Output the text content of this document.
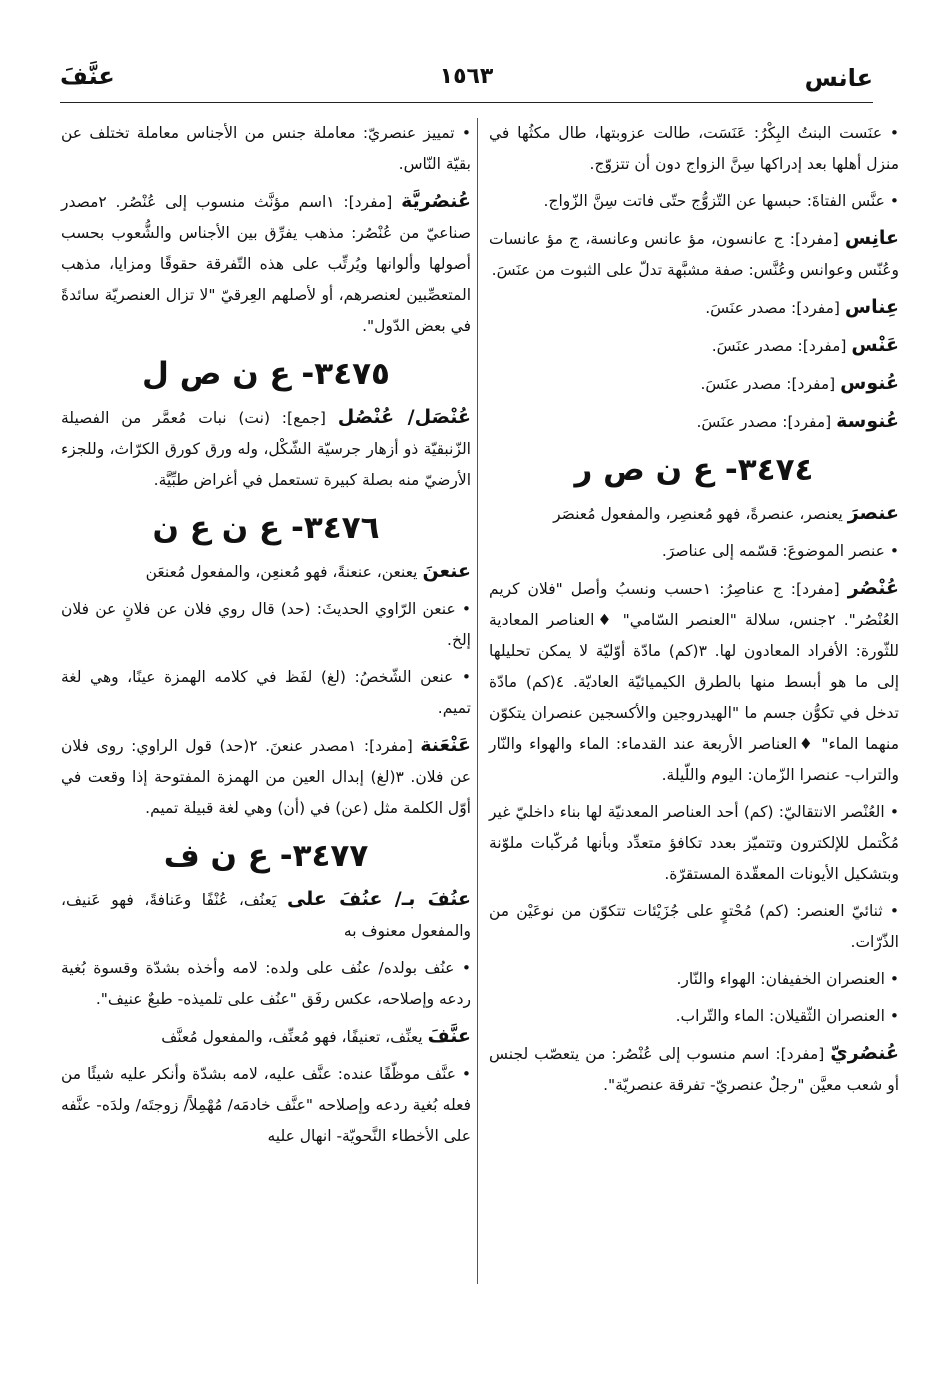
عانس
١٥٦٣
عنَّفَ

• عنَست البنتُ البِكْرُ: عَنَسَت، طالت عزوبتها، طال مكثُها في منزل أهلها بعد إدراكها سِنَّ الزواج دون أن تتزوّج.

• عنَّس الفتاةَ: حبسها عن التّزوُّج حتّى فاتت سِنَّ الزّواج.

عانِس [مفرد]: ج عانسون، مؤ عانس وعانسة، ج مؤ عانسات وعُنّس وعوانس وعُنَّس: صفة مشبَّهة تدلّ على الثبوت من عنَسَ.

عِناس [مفرد]: مصدر عنَسَ.

عَنْس [مفرد]: مصدر عنَسَ.

عُنوس [مفرد]: مصدر عنَسَ.

عُنوسة [مفرد]: مصدر عنَسَ.

٣٤٧٤- ع ن ص ر

عنصرَ يعنصر، عنصرةً، فهو مُعنصِر، والمفعول مُعنصَر

• عنصر الموضوعَ: قسّمه إلى عناصرَ.

عُنْصُر [مفرد]: ج عناصِرُ: ١حسب ونسبُ وأصل "فلان كريم العُنْصُر". ٢جنس، سلالة "العنصر السّامي" ♦العناصر المعادية للثّورة: الأفراد المعادون لها. ٣(كم) مادّة أوّليّة لا يمكن تحليلها إلى ما هو أبسط منها بالطرق الكيميائيّة العاديّة. ٤(كم) مادّة تدخل في تكوُّن جسم ما "الهيدروجين والأكسجين عنصران يتكوّن منهما الماء" ♦العناصر الأربعة عند القدماء: الماء والهواء والنّار والتراب- عنصرا الزّمان: اليوم واللّيلة.

• العُنْصر الانتقاليّ: (كم) أحد العناصر المعدنيّة لها بناء داخليّ غير مُكْتمل للإلكترون وتتميّز بعدد تكافؤ متعدِّد وبأنها مُركّبات ملوّنة وبتشكيل الأيونات المعقّدة المستقرّة.

• ثنائيّ العنصر: (كم) مُحْتوٍ على جُزَيْئات تتكوّن من نوعَيْن من الذّرّات.

• العنصران الخفيفان: الهواء والنّار.

• العنصران الثّقيلان: الماء والتّراب.

عُنصُريّ [مفرد]: اسم منسوب إلى عُنْصُر: من يتعصّب لجنس أو شعب معيَّن "رجلٌ عنصريّ- تفرقة عنصريّة".

• تمييز عنصريّ: معاملة جنس من الأجناس معاملة تختلف عن بقيّة النّاس.

عُنصُريَّة [مفرد]: ١اسم مؤنَّث منسوب إلى عُنْصُر. ٢مصدر صناعيّ من عُنْصُر: مذهب يفرِّق بين الأجناس والشُّعوب بحسب أصولها وألوانها ويُرتِّب على هذه التّفرقة حقوقًا ومزايا، مذهب المتعصِّبين لعنصرهم، أو لأصلهم العِرقيّ "لا تزال العنصريّة سائدةً في بعض الدّول".

٣٤٧٥- ع ن ص ل

عُنْصَل/ عُنْصُل [جمع]: (نت) نبات مُعمَّر من الفصيلة الزّنبقيّة ذو أزهار جرسيّة الشّكْل، وله ورق كورق الكرّاث، وللجزء الأرضيّ منه بصلة كبيرة تستعمل في أغراض طبِّيَّة.

٣٤٧٦- ع ن ع ن

عنعنَ يعنعن، عنعنةً، فهو مُعنعِن، والمفعول مُعنعَن

• عنعن الرّاوي الحديثَ: (حد) قال روي فلان عن فلانٍ عن فلان إلخ.

• عنعن الشّخصُ: (لغ) لفَظ في كلامه الهمزة عينًا، وهي لغة تميم.

عَنْعَنة [مفرد]: ١مصدر عنعنَ. ٢(حد) قول الراوي: روى فلان عن فلان. ٣(لغ) إبدال العين من الهمزة المفتوحة إذا وقعت في أوّل الكلمة مثل (عن) في (أن) وهي لغة قبيلة تميم.

٣٤٧٧- ع ن ف

عنُفَ بـ/ عنُفَ على يَعنُف، عُنْفًا وعَنافةً، فهو عَنيف، والمفعول معنوف به

• عنُف بولده/ عنُف على ولده: لامه وأخذه بشدّة وقسوة بُغية ردعه وإصلاحه، عكس رفَق "عنُف على تلميذه- طبعٌ عنيف".

عنَّفَ يعنِّف، تعنيفًا، فهو مُعنِّف، والمفعول مُعنَّف

• عنَّف موظّفًا عنده: عنَّف عليه، لامه بشدّة وأنكر عليه شيئًا من فعله بُغية ردعه وإصلاحه "عنَّف خادمَه/ مُهْمِلاً/ زوجتَه/ ولدَه- عنَّفه على الأخطاء النَّحويّة- انهال عليه
